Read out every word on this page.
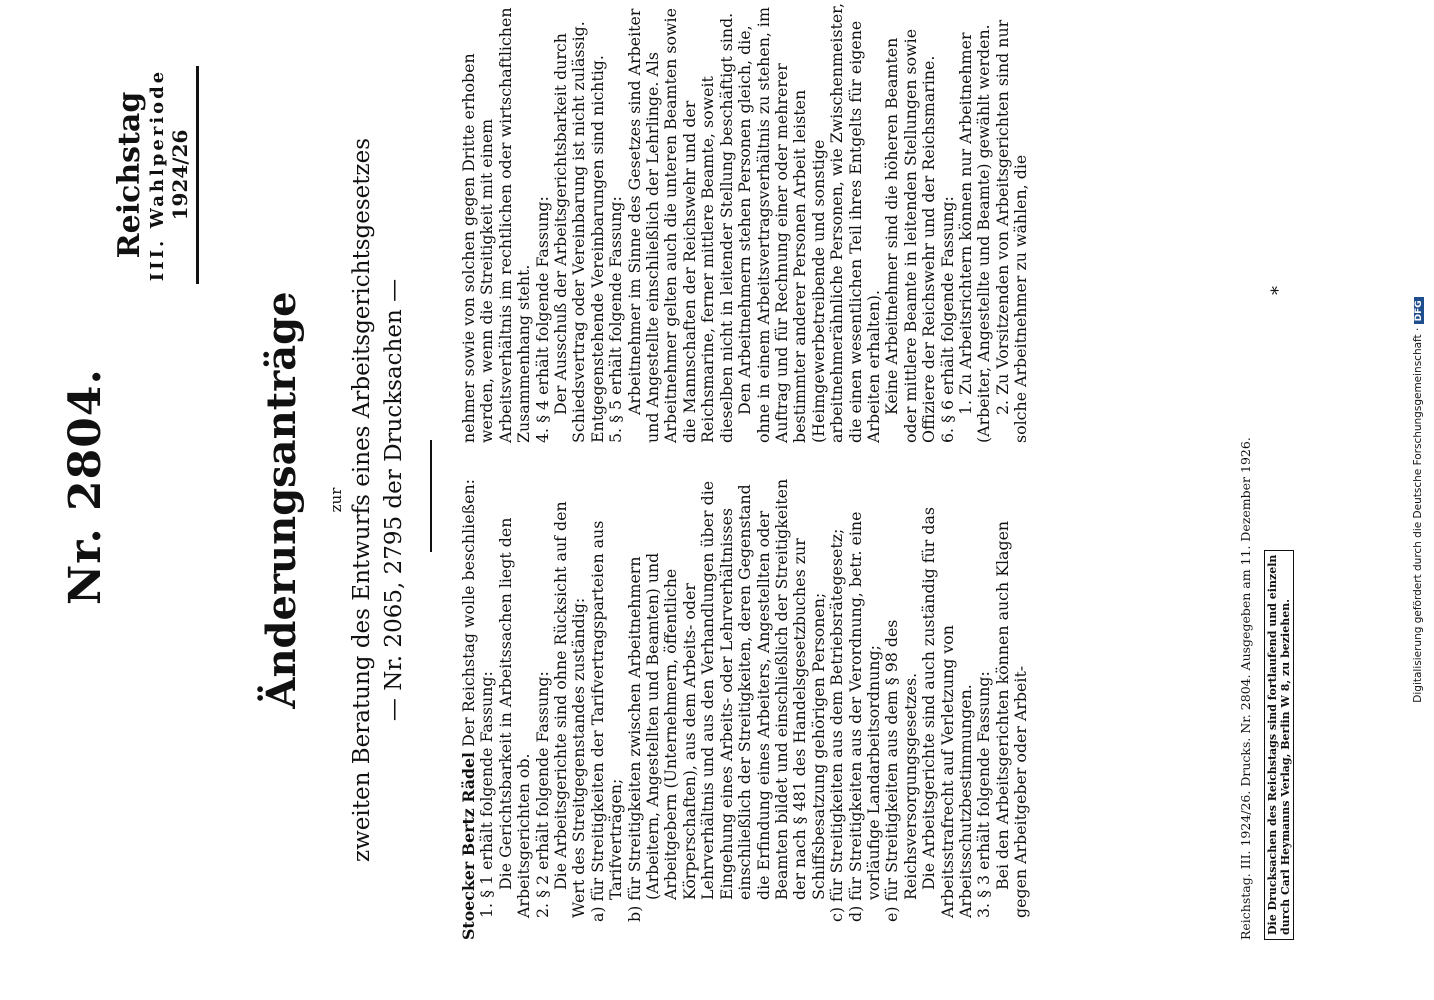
Nr. 2804.
Reichstag III. Wahlperiode 1924/26
Änderungsanträge zur zweiten Beratung des Entwurfs eines Arbeitsgerichtsgesetzes — Nr. 2065, 2795 der Drucksachen —

Stoecker Bertz Rädel Der Reichstag wolle beschließen:

1. § 1 erhält folgende Fassung: Die Gerichtsbarkeit in Arbeitssachen liegt den Arbeitsgerichten ob. 2. § 2 erhält folgende Fassung: Die Arbeitsgerichte sind ohne Rücksicht auf den Wert des Streitgegenstandes zuständig: a) für Streitigkeiten der Tarifvertragsparteien aus Tarifverträgen; b) für Streitigkeiten zwischen Arbeitnehmern (Arbeitern, Angestellten und Beamten) und Arbeitgebern (Unternehmern, öffentliche Körperschaften), aus dem Arbeits- oder Lehrverhältnis und aus den Verhandlungen über die Eingehung eines Arbeits- oder Lehrverhältnisses einschließlich der Streitigkeiten, deren Gegenstand die Erfindung eines Arbeiters, Angestellten oder Beamten bildet und einschließlich der Streitigkeiten der nach § 481 des Handelsgesetzbuches zur Schiffsbesatzung gehörigen Personen; c) für Streitigkeiten aus dem Betriebsrätegesetz; d) für Streitigkeiten aus der Verordnung, betr. eine vorläufige Landarbeitsordnung; e) für Streitigkeiten aus dem § 98 des Reichsversorgungsgesetzes. Die Arbeitsgerichte sind auch zuständig für das Arbeitsstrafrecht auf Verletzung von Arbeitsschutzbestimmungen. 3. § 3 erhält folgende Fassung: Bei den Arbeitsgerichten können auch Klagen gegen Arbeitgeber oder Arbeit-

nehmer sowie von solchen gegen Dritte erhoben werden, wenn die Streitigkeit mit einem Arbeitsverhältnis im rechtlichen oder wirtschaftlichen Zusammenhang steht. 4. § 4 erhält folgende Fassung: Der Ausschuß der Arbeitsgerichtsbarkeit durch Schiedsvertrag oder Vereinbarung ist nicht zulässig. Entgegenstehende Vereinbarungen sind nichtig. 5. § 5 erhält folgende Fassung: Arbeitnehmer im Sinne des Gesetzes sind Arbeiter und Angestellte einschließlich der Lehrlinge. Als Arbeitnehmer gelten auch die unteren Beamten sowie die Mannschaften der Reichswehr und der Reichsmarine, ferner mittlere Beamte, soweit dieselben nicht in leitender Stellung beschäftigt sind. Den Arbeitnehmern stehen Personen gleich, die, ohne in einem Arbeitsvertragsverhältnis zu stehen, im Auftrag und für Rechnung einer oder mehrerer bestimmter anderer Personen Arbeit leisten (Heimgewerbetreibende und sonstige arbeitnehmerähnliche Personen, wie Zwischenmeister, die einen wesentlichen Teil ihres Entgelts für eigene Arbeiten erhalten). Keine Arbeitnehmer sind die höheren Beamten oder mittlere Beamte in leitenden Stellungen sowie Offiziere der Reichswehr und der Reichsmarine. 6. § 6 erhält folgende Fassung: 1. Zu Arbeitsrichtern können nur Arbeitnehmer (Arbeiter, Angestellte und Beamte) gewählt werden. 2. Zu Vorsitzenden von Arbeitsgerichten sind nur solche Arbeitnehmer zu wählen, die

Reichstag. III. 1924/26. Drucks. Nr. 2804. Ausgegeben am 11. Dezember 1926. Die Drucksachen des Reichstags sind fortlaufend und einzeln durch Carl Heymanns Verlag, Berlin W 8, zu beziehen.
*
Digitalisierung gefördert durch die Deutsche Forschungsgemeinschaft · DFG
